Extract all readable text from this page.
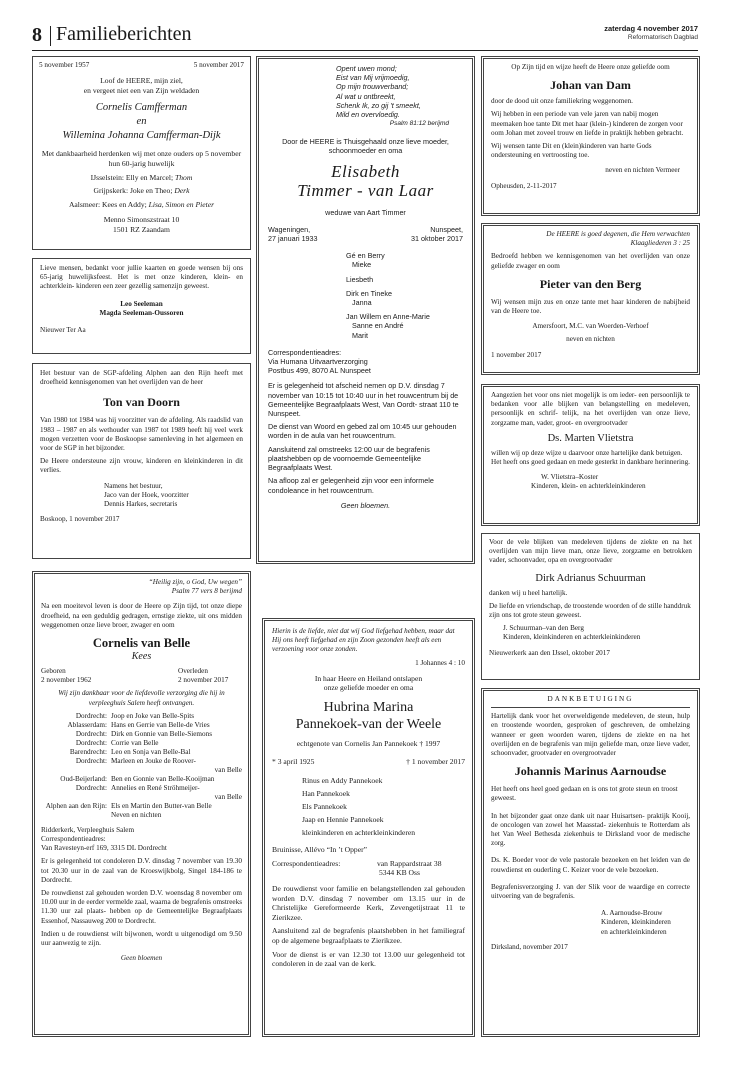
8 Familieberichten	zaterdag 4 november 2017
Reformatorisch Dagblad
5 november 1957	5 november 2017

Loof de HEERE, mijn ziel,

en vergeet niet een van Zijn weldaden

Cornelis Camfferman

en

Willemina Johanna Camfferman-Dijk

Met dankbaarheid herdenken wij met onze ouders op 5 november hun 60-jarig huwelijk

IJsselstein: Elly en Marcel; Thom

Grijpskerk: Joke en Theo; Derk

Aalsmeer: Kees en Addy; Lisa, Simon en Pieter

Menno Simonszstraat 10

1501 RZ Zaandam

Lieve mensen, bedankt voor jullie kaarten en goede wensen bij ons 65-jarig huwelijksfeest. Het is met onze kinderen, klein- en achterklein- kinderen een zeer gezellig samenzijn geweest.

Leo Seeleman

Magda Seeleman-Oussoren

Nieuwer Ter Aa

Het bestuur van de SGP-afdeling Alphen aan den Rijn heeft met droefheid kennisgenomen van het overlijden van de heer

Ton van Doorn

Van 1980 tot 1984 was hij voorzitter van de afdeling. Als raadslid van 1983 – 1987 en als wethouder van 1987 tot 1989 heeft hij veel werk mogen verzetten voor de Boskoopse samenleving in het algemeen en voor de SGP in het bijzonder.

De Heere ondersteune zijn vrouw, kinderen en kleinkinderen in dit verlies.

Namens het bestuur,

Jaco van der Hoek, voorzitter

Dennis Harkes, secretaris

Boskoop, 1 november 2017

“Heilig zijn, o God, Uw wegen”

Psalm 77 vers 8 berijmd

Na een moeitevol leven is door de Heere op Zijn tijd, tot onze diepe droefheid, na een geduldig gedragen, ernstige ziekte, uit ons midden weggenomen onze lieve broer, zwager en oom

Cornelis van Belle

Kees

Geboren	Overleden
2 november 1962	2 november 2017

Wij zijn dankbaar voor de liefdevolle verzorging die hij in verpleeghuis Salem heeft ontvangen.

Dordrecht: Joop en Joke van Belle-Spits
Ablasserdam: Hans en Gerrie van Belle-de Vries
Dordrecht: Dirk en Gonnie van Belle-Siemons
Dordrecht: Corrie van Belle
Barendrecht: Leo en Sonja van Belle-Bal
Dordrecht: Marleen en Jouke de Roover-

van Belle
Oud-Beijerland: Ben en Gonnie van Belle-Kooijman
Dordrecht: Annelies en René Ströhmeijer-

van Belle
Alphen aan den Rijn: Els en Martin den Butter-van Belle
Neven en nichten

Ridderkerk, Verpleeghuis Salem

Correspondentieadres:

Van Ravesteyn-erf 169, 3315 DL Dordrecht

Er is gelegenheid tot condoleren D.V. dinsdag 7 november van 19.30 tot 20.30 uur in de zaal van de Kroeswijkbolg, Singel 184-186 te Dordrecht.

De rouwdienst zal gehouden worden D.V. woensdag 8 november om 10.00 uur in de eerder vermelde zaal, waarna de begrafenis omstreeks 11.30 uur zal plaats- hebben op de Gemeentelijke Begraafplaats Essenhof, Nassauweg 200 te Dordrecht.

Indien u de rouwdienst wilt bijwonen, wordt u uitgenodigd om 9.50 uur aanwezig te zijn.

Geen bloemen

Opent uwen mond;

Eist van Mij vrijmoedig,

Op mijn trouwverband;

Al wat u ontbreekt,

Schenk Ik, zo gij 't smeekt,

Mild en overvloedig.

Psalm 81:12 berijmd

Door de HEERE is Thuisgehaald onze lieve moeder, schoonmoeder en oma

Elisabeth

Timmer - van Laar

weduwe van Aart Timmer

Wageningen,	Nunspeet,
27 januari 1933	31 oktober 2017

Gé en Berry

Mieke

Liesbeth

Dirk en Tineke

Janna

Jan Willem en Anne-Marie

Sanne en André

Marit

Correspondentieadres:

Via Humana Uitvaartverzorging

Postbus 499, 8070 AL Nunspeet

Er is gelegenheid tot afscheid nemen op D.V. dinsdag 7 november van 10:15 tot 10:40 uur in het rouwcentrum bij de Gemeentelijke Begraafplaats West, Van Oordt- straat 110 te Nunspeet.

De dienst van Woord en gebed zal om 10:45 uur gehouden worden in de aula van het rouwcentrum.

Aansluitend zal omstreeks 12:00 uur de begrafenis plaatshebben op de voornoemde Gemeentelijke Begraafplaats West.

Na afloop zal er gelegenheid zijn voor een informele condoleance in het rouwcentrum.

Geen bloemen.

Hierin is de liefde, niet dat wij God liefgehad hebben, maar dat Hij ons heeft liefgehad en zijn Zoon gezonden heeft als een verzoening voor onze zonden.

1 Johannes 4 : 10

In haar Heere en Heiland ontslapen

onze geliefde moeder en oma

Hubrina Marina

Pannekoek-van der Weele

echtgenote van Cornelis Jan Pannekoek † 1997

* 3 april 1925	† 1 november 2017

Rinus en Addy Pannekoek

Han Pannekoek

Els Pannekoek

Jaap en Hennie Pannekoek

kleinkinderen en achterkleinkinderen

Bruinisse, Allévo “In ’t Opper”

Correspondentieadres:	van Rappardstraat 38

5344 KB Oss

De rouwdienst voor familie en belangstellenden zal gehouden worden D.V. dinsdag 7 november om 13.15 uur in de Christelijke Gereformeerde Kerk, Zevengetijstraat 11 te Zierikzee.

Aansluitend zal de begrafenis plaatshebben in het familiegraf op de algemene begraafplaats te Zierikzee.

Voor de dienst is er van 12.30 tot 13.00 uur gelegenheid tot condoleren in de zaal van de kerk.

Op Zijn tijd en wijze heeft de Heere onze geliefde oom

Johan van Dam

door de dood uit onze familiekring weggenomen.

Wij hebben in een periode van vele jaren van nabij mogen meemaken hoe tante Dit met haar (klein-) kinderen de zorgen voor oom Johan met zoveel trouw en liefde in praktijk hebben gebracht.

Wij wensen tante Dit en (klein)kinderen van harte Gods ondersteuning en vertroosting toe.

neven en nichten Vermeer

Opheusden, 2-11-2017

De HEERE is goed degenen, die Hem verwachten

Klaagliederen 3 : 25

Bedroefd hebben we kennisgenomen van het overlijden van onze geliefde zwager en oom

Pieter van den Berg

Wij wensen mijn zus en onze tante met haar kinderen de nabijheid van de Heere toe.

Amersfoort, M.C. van Woerden-Verhoef

neven en nichten

1 november 2017

Aangezien het voor ons niet mogelijk is om ieder- een persoonlijk te bedanken voor alle blijken van belangstelling en medeleven, persoonlijk en schrif- telijk, na het overlijden van onze lieve, zorgzame man, vader, groot- en overgrootvader

Ds. Marten Vlietstra

willen wij op deze wijze u daarvoor onze hartelijke dank betuigen.

Het heeft ons goed gedaan en mede gesterkt in dankbare herinnering.

W. Vlietstra–Koster

Kinderen, klein- en achterkleinkinderen

Voor de vele blijken van medeleven tijdens de ziekte en na het overlijden van mijn lieve man, onze lieve, zorgzame en betrokken vader, schoonvader, opa en overgrootvader

Dirk Adrianus Schuurman

danken wij u heel hartelijk.

De liefde en vriendschap, de troostende woorden of de stille handdruk zijn ons tot grote steun geweest.

J. Schuurman–van den Berg

Kinderen, kleinkinderen en achterkleinkinderen

Nieuwerkerk aan den IJssel, oktober 2017

DANKBETUIGING

Hartelijk dank voor het overweldigende medeleven, de steun, hulp en troostende woorden, gesproken of geschreven, de omhelzing wanneer er geen woorden waren, tijdens de ziekte en na het overlijden en de begrafenis van mijn geliefde man, onze lieve vader, schoonvader, grootvader en overgrootvader

Johannis Marinus Aarnoudse

Het heeft ons heel goed gedaan en is ons tot grote steun en troost geweest.

In het bijzonder gaat onze dank uit naar Huisartsen- praktijk Kooij, de oncologen van zowel het Maasstad- ziekenhuis te Rotterdam als het Van Weel Bethesda ziekenhuis te Dirksland voor de medische zorg.

Ds. K. Boeder voor de vele pastorale bezoeken en het leiden van de rouwdienst en ouderling C. Keizer voor de vele bezoeken.

Begrafenisverzorging J. van der Slik voor de waardige en correcte uitvoering van de begrafenis.

A. Aarnoudse-Brouw

Kinderen, kleinkinderen

en achterkleinkinderen

Dirksland, november 2017
